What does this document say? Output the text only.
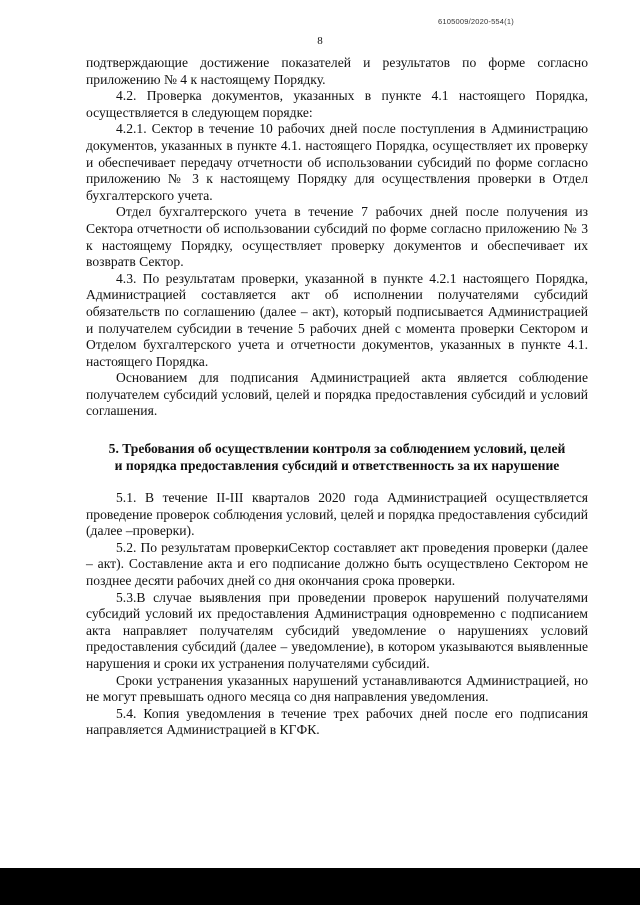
6105009/2020-554(1)
8

подтверждающие достижение показателей и результатов по форме согласно приложению № 4 к настоящему Порядку.

4.2. Проверка документов, указанных в пункте 4.1 настоящего Порядка, осуществляется в следующем порядке:

4.2.1. Сектор в течение 10 рабочих дней после поступления в Администрацию документов, указанных в пункте 4.1. настоящего Порядка, осуществляет их проверку и обеспечивает передачу отчетности об использовании субсидий по форме согласно приложению № 3 к настоящему Порядку для осуществления проверки в Отдел бухгалтерского учета.

Отдел бухгалтерского учета в течение 7 рабочих дней после получения из Сектора отчетности об использовании субсидий по форме согласно приложению № 3 к настоящему Порядку, осуществляет проверку документов и обеспечивает их возвратв Сектор.

4.3. По результатам проверки, указанной в пункте 4.2.1 настоящего Порядка, Администрацией составляется акт об исполнении получателями субсидий обязательств по соглашению (далее – акт), который подписывается Администрацией и получателем субсидии в течение 5 рабочих дней с момента проверки Сектором и Отделом бухгалтерского учета и отчетности документов, указанных в пункте 4.1. настоящего Порядка.

Основанием для подписания Администрацией акта является соблюдение получателем субсидий условий, целей и порядка предоставления субсидий и условий соглашения.

5. Требования об осуществлении контроля за соблюдением условий, целей и порядка предоставления субсидий и ответственность за их нарушение

5.1. В течение II-III кварталов 2020 года Администрацией осуществляется проведение проверок соблюдения условий, целей и порядка предоставления субсидий (далее –проверки).

5.2. По результатам проверкиСектор составляет акт проведения проверки (далее – акт). Составление акта и его подписание должно быть осуществлено Сектором не позднее десяти рабочих дней со дня окончания срока проверки.

5.3.В случае выявления при проведении проверок нарушений получателями субсидий условий их предоставления Администрация одновременно с подписанием акта направляет получателям субсидий уведомление о нарушениях условий предоставления субсидий (далее – уведомление), в котором указываются выявленные нарушения и сроки их устранения получателями субсидий.

Сроки устранения указанных нарушений устанавливаются Администрацией, но не могут превышать одного месяца со дня направления уведомления.

5.4. Копия уведомления в течение трех рабочих дней после его подписания направляется Администрацией в КГФК.
